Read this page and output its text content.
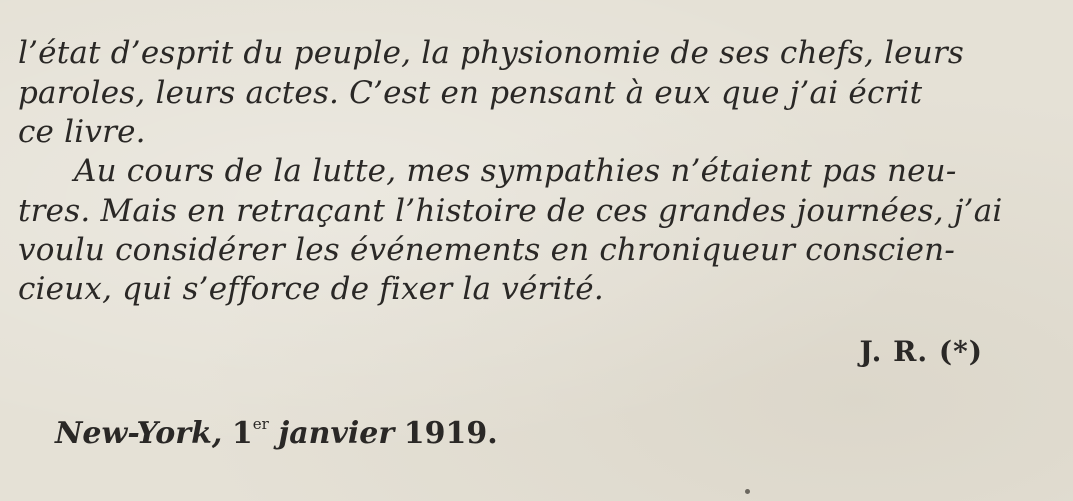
l’état d’esprit du peuple, la physionomie de ses chefs, leurs
paroles, leurs actes. C’est en pensant à eux que j’ai écrit
ce livre.
Au cours de la lutte, mes sympathies n’étaient pas neu-
tres. Mais en retraçant l’histoire de ces grandes journées, j’ai
voulu considérer les événements en chroniqueur conscien-
cieux, qui s’efforce de fixer la vérité.
J. R. (*)
New-York, 1er janvier 1919.
